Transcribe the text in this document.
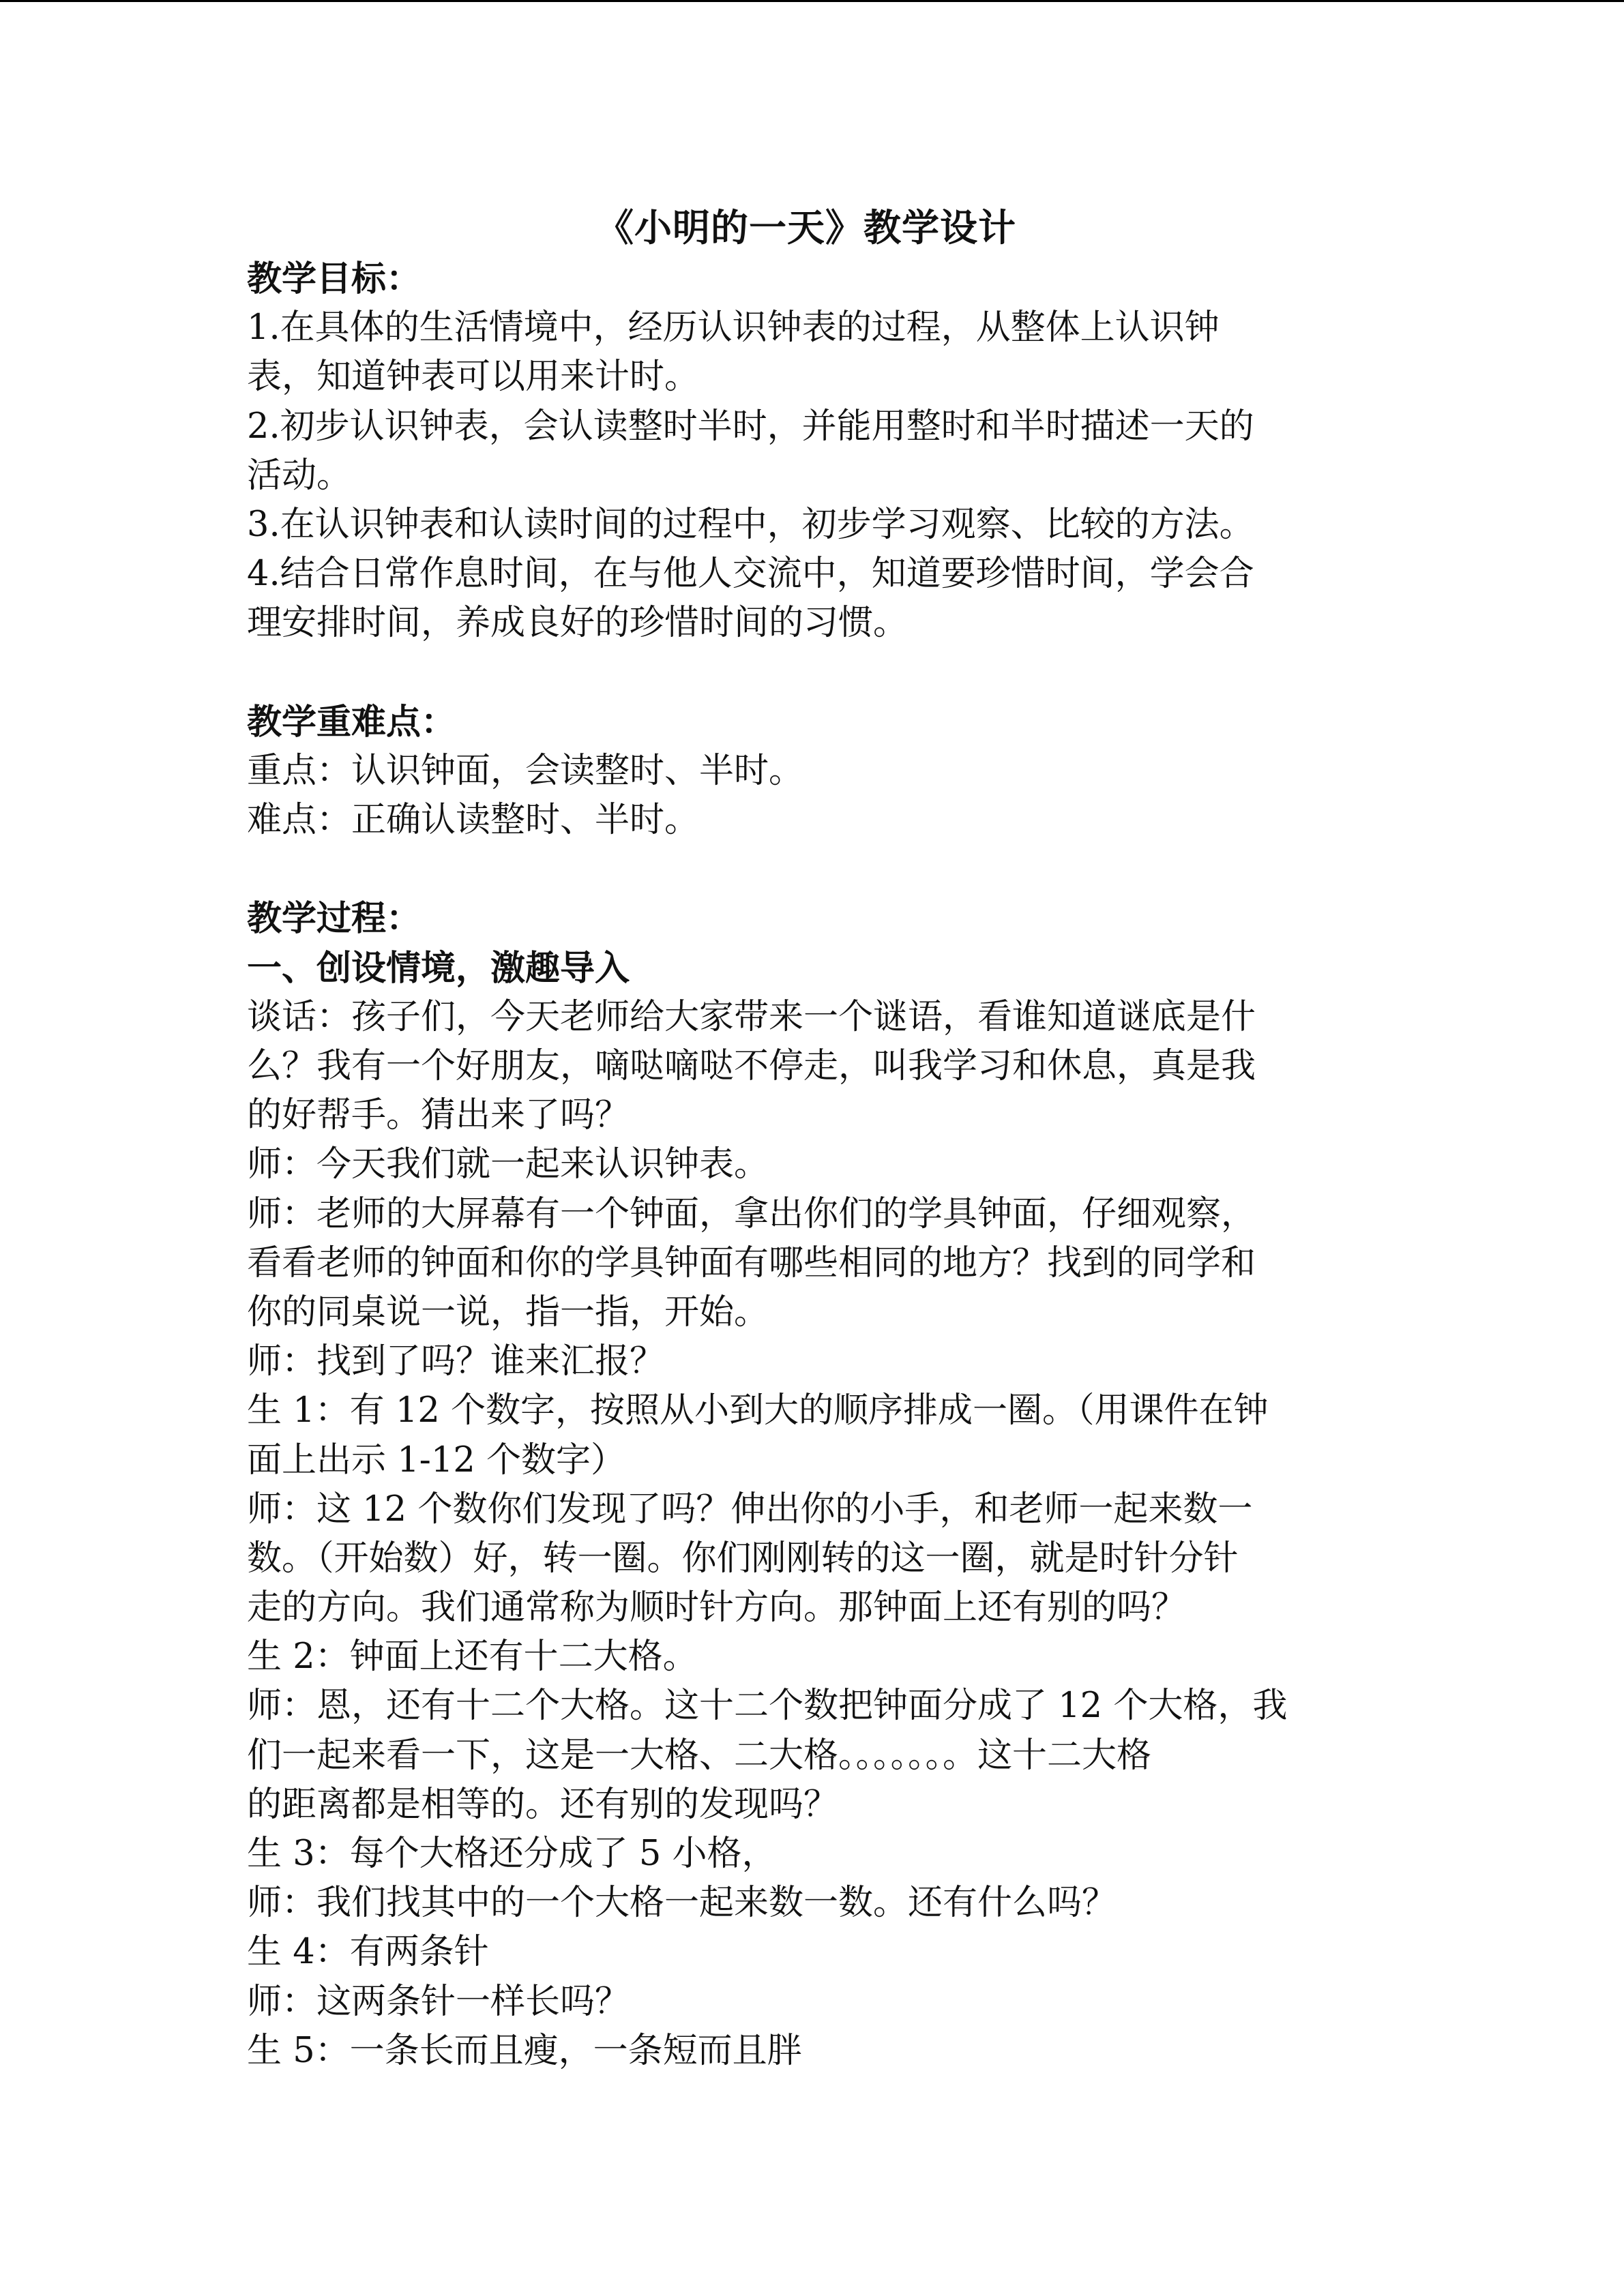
《小明的一天》教学设计
教学目标：
1.在具体的生活情境中，经历认识钟表的过程，从整体上认识钟
表，知道钟表可以用来计时。
2.初步认识钟表，会认读整时半时，并能用整时和半时描述一天的
活动。
3.在认识钟表和认读时间的过程中，初步学习观察、比较的方法。
4.结合日常作息时间，在与他人交流中，知道要珍惜时间，学会合
理安排时间，养成良好的珍惜时间的习惯。
教学重难点：
重点：认识钟面，会读整时、半时。
难点：正确认读整时、半时。
教学过程：
一、创设情境，激趣导入
谈话：孩子们，今天老师给大家带来一个谜语，看谁知道谜底是什
么？我有一个好朋友，嘀哒嘀哒不停走，叫我学习和休息，真是我
的好帮手。猜出来了吗？
师：今天我们就一起来认识钟表。
师：老师的大屏幕有一个钟面，拿出你们的学具钟面，仔细观察，
看看老师的钟面和你的学具钟面有哪些相同的地方？找到的同学和
你的同桌说一说，指一指，开始。
师：找到了吗？谁来汇报？
生 1：有 12 个数字，按照从小到大的顺序排成一圈。（用课件在钟
面上出示 1-12 个数字）
师：这 12 个数你们发现了吗？伸出你的小手，和老师一起来数一
数。（开始数）好，转一圈。你们刚刚转的这一圈，就是时针分针
走的方向。我们通常称为顺时针方向。那钟面上还有别的吗？
生 2：钟面上还有十二大格。
师：恩，还有十二个大格。这十二个数把钟面分成了 12 个大格，我
们一起来看一下，这是一大格、二大格。。。。。。。这十二大格
的距离都是相等的。还有别的发现吗？
生 3：每个大格还分成了 5 小格，
师：我们找其中的一个大格一起来数一数。还有什么吗？
生 4：有两条针
师：这两条针一样长吗？
生 5：一条长而且瘦，一条短而且胖
